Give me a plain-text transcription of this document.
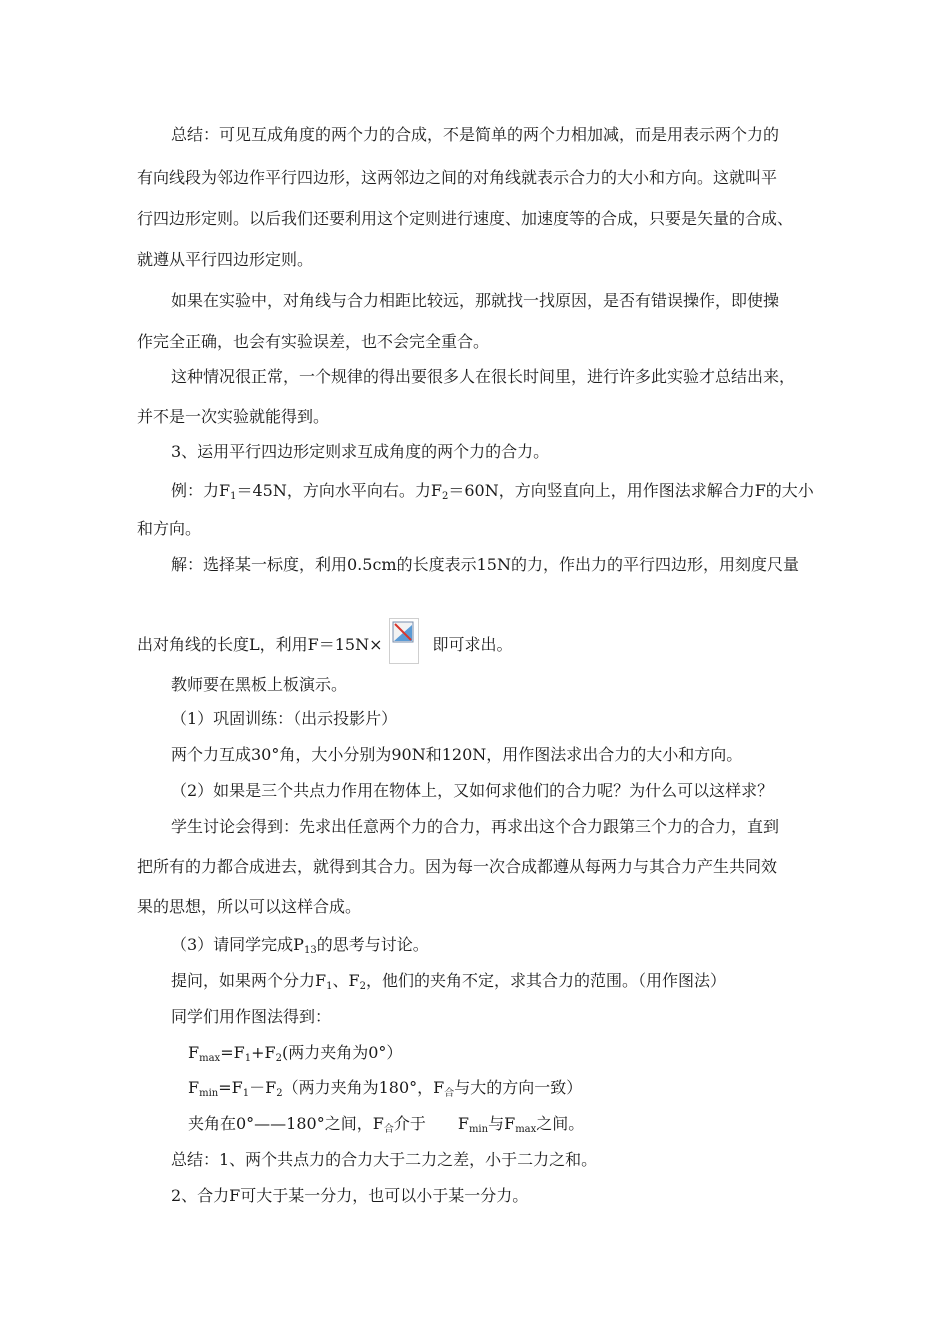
总结：可见互成角度的两个力的合成，不是简单的两个力相加减，而是用表示两个力的
有向线段为邻边作平行四边形，这两邻边之间的对角线就表示合力的大小和方向。这就叫平
行四边形定则。以后我们还要利用这个定则进行速度、加速度等的合成，只要是矢量的合成、
就遵从平行四边形定则。
如果在实验中，对角线与合力相距比较远，那就找一找原因，是否有错误操作，即使操
作完全正确，也会有实验误差，也不会完全重合。
这种情况很正常，一个规律的得出要很多人在很长时间里，进行许多此实验才总结出来，
并不是一次实验就能得到。
3、运用平行四边形定则求互成角度的两个力的合力。
例：力$F_1=45N$，方向水平向右。力$F_2=60N$，方向竖直向上，用作图法求解合力F的大小
和方向。
解：选择某一标度，利用0.5cm的长度表示15N的力，作出力的平行四边形，用刻度尺量
出对角线的长度L，利用F＝15N×	即可求出。
教师要在黑板上板演示。
（1）巩固训练：（出示投影片）
两个力互成30°角，大小分别为90N和120N，用作图法求出合力的大小和方向。
（2）如果是三个共点力作用在物体上，又如何求他们的合力呢？为什么可以这样求？
学生讨论会得到：先求出任意两个力的合力，再求出这个合力跟第三个力的合力，直到
把所有的力都合成进去，就得到其合力。因为每一次合成都遵从每两力与其合力产生共同效
果的思想，所以可以这样合成。
（3）请同学完成$P_{13}$的思考与讨论。
提问，如果两个分力$F_1$、$F_2$，他们的夹角不定，求其合力的范围。（用作图法）
同学们用作图法得到：
$F_{max}=F_1+F_2$(两力夹角为0°）
$F_{min}=F_1-F_2$（两力夹角为180°，$F_合$与大的方向一致）
夹角在0°——180°之间，$F_合$介于 $F_{min}$与$F_{max}$之间。
总结：1、两个共点力的合力大于二力之差，小于二力之和。
2、合力F可大于某一分力，也可以小于某一分力。
